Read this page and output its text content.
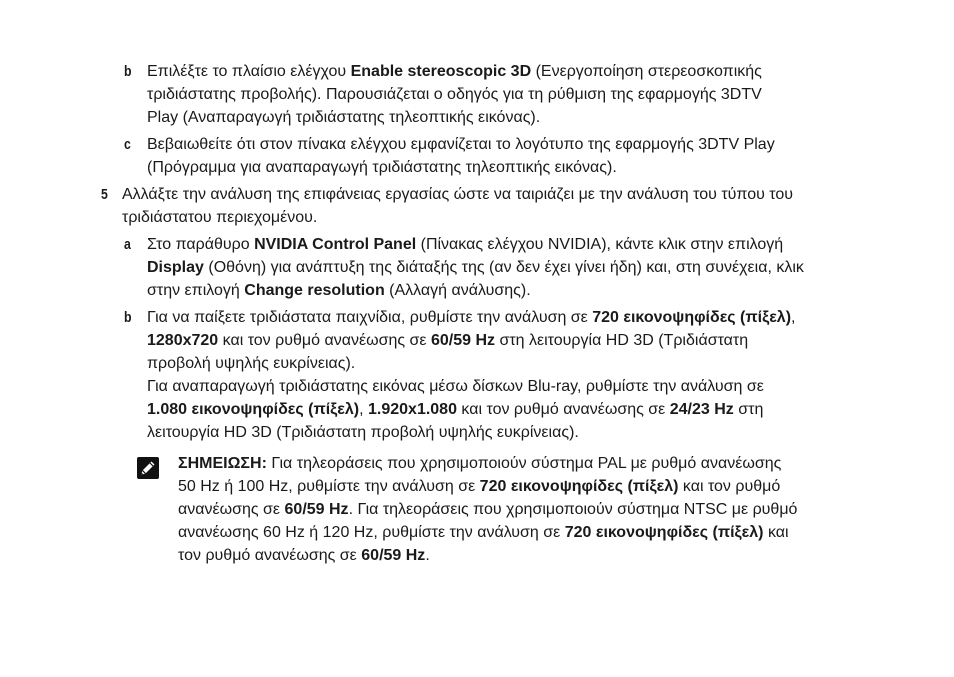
b Επιλέξτε το πλαίσιο ελέγχου Enable stereoscopic 3D (Ενεργοποίηση στερεοσκοπικής
τριδιάστατης προβολής). Παρουσιάζεται ο οδηγός για τη ρύθμιση της εφαρμογής 3DTV
Play (Αναπαραγωγή τριδιάστατης τηλεοπτικής εικόνας).
c Βεβαιωθείτε ότι στον πίνακα ελέγχου εμφανίζεται το λογότυπο της εφαρμογής 3DTV Play
(Πρόγραμμα για αναπαραγωγή τριδιάστατης τηλεοπτικής εικόνας).
5 Αλλάξτε την ανάλυση της επιφάνειας εργασίας ώστε να ταιριάζει με την ανάλυση του τύπου του
τριδιάστατου περιεχομένου.
a Στο παράθυρο NVIDIA Control Panel (Πίνακας ελέγχου NVIDIA), κάντε κλικ στην επιλογή
Display (Οθόνη) για ανάπτυξη της διάταξής της (αν δεν έχει γίνει ήδη) και, στη συνέχεια, κλικ
στην επιλογή Change resolution (Αλλαγή ανάλυσης).
b Για να παίξετε τριδιάστατα παιχνίδια, ρυθμίστε την ανάλυση σε 720 εικονοψηφίδες (πίξελ),
1280x720 και τον ρυθμό ανανέωσης σε 60/59 Hz στη λειτουργία HD 3D (Τριδιάστατη
προβολή υψηλής ευκρίνειας).
Για αναπαραγωγή τριδιάστατης εικόνας μέσω δίσκων Blu-ray, ρυθμίστε την ανάλυση σε
1.080 εικονοψηφίδες (πίξελ), 1.920x1.080 και τον ρυθμό ανανέωσης σε 24/23 Hz στη
λειτουργία HD 3D (Τριδιάστατη προβολή υψηλής ευκρίνειας).
ΣΗΜΕΙΩΣΗ: Για τηλεοράσεις που χρησιμοποιούν σύστημα PAL με ρυθμό ανανέωσης
50 Hz ή 100 Hz, ρυθμίστε την ανάλυση σε 720 εικονοψηφίδες (πίξελ) και τον ρυθμό
ανανέωσης σε 60/59 Hz. Για τηλεοράσεις που χρησιμοποιούν σύστημα NTSC με ρυθμό
ανανέωσης 60 Hz ή 120 Hz, ρυθμίστε την ανάλυση σε 720 εικονοψηφίδες (πίξελ) και
τον ρυθμό ανανέωσης σε 60/59 Hz.
